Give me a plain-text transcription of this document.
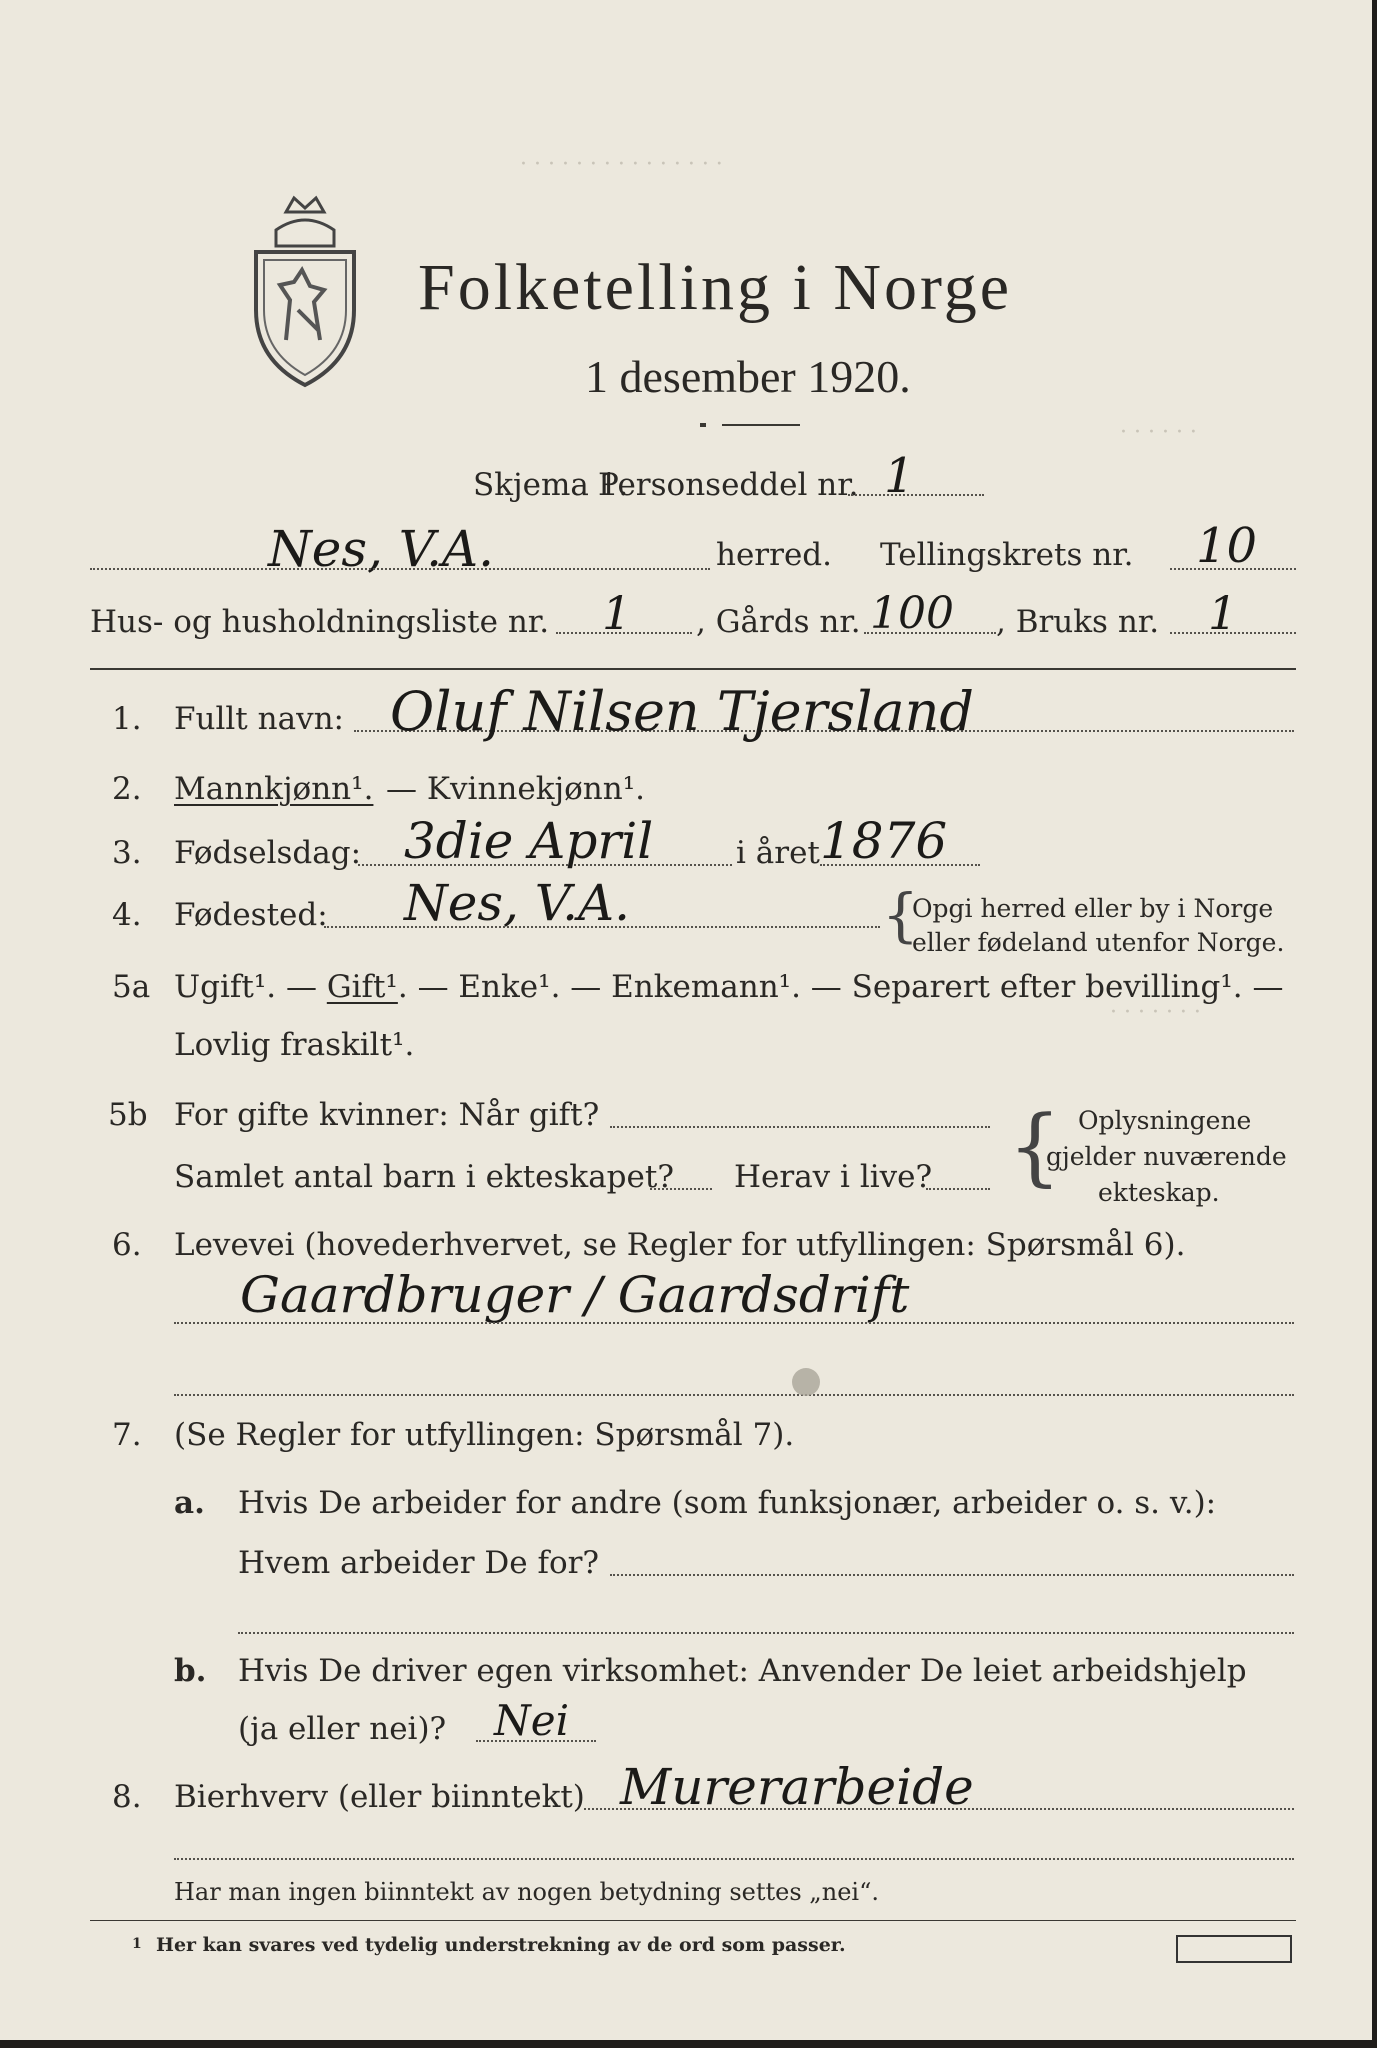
· · · · · · · · · · · · · · ·
· · · · · ·
· · · · · · ·
Folketelling i Norge
1 desember 1920.
Skjema 1.
Personseddel nr. 1
Nes, V.A.	herred. Tellingskrets nr. 10
Hus- og husholdningsliste nr. 1 , Gårds nr. 100 , Bruks nr. 1
1. Fullt navn: Oluf Nilsen Tjersland
2. Mannkjønn¹. — Kvinnekjønn¹.
3. Fødselsdag: 3die April	i året 1876
4. Fødested: Nes, V.A.	{
Opgi herred eller by i Norge
eller fødeland utenfor Norge.
5a Ugift¹. — Gift¹. — Enke¹. — Enkemann¹. — Separert efter bevilling¹. —
Lovlig fraskilt¹.
5b For gifte kvinner: Når gift?
Samlet antal barn i ekteskapet? Herav i live? { Oplysningene
gjelder nuværende
ekteskap.
6. Levevei (hovederhvervet, se Regler for utfyllingen: Spørsmål 6).
Gaardbruger / Gaardsdrift
7. (Se Regler for utfyllingen: Spørsmål 7).
a. Hvis De arbeider for andre (som funksjonær, arbeider o. s. v.):
Hvem arbeider De for?
b. Hvis De driver egen virksomhet: Anvender De leiet arbeidshjelp
(ja eller nei)? Nei
8. Bierhverv (eller biinntekt) Murerarbeide
Har man ingen biinntekt av nogen betydning settes „nei“.
1 Her kan svares ved tydelig understrekning av de ord som passer.
